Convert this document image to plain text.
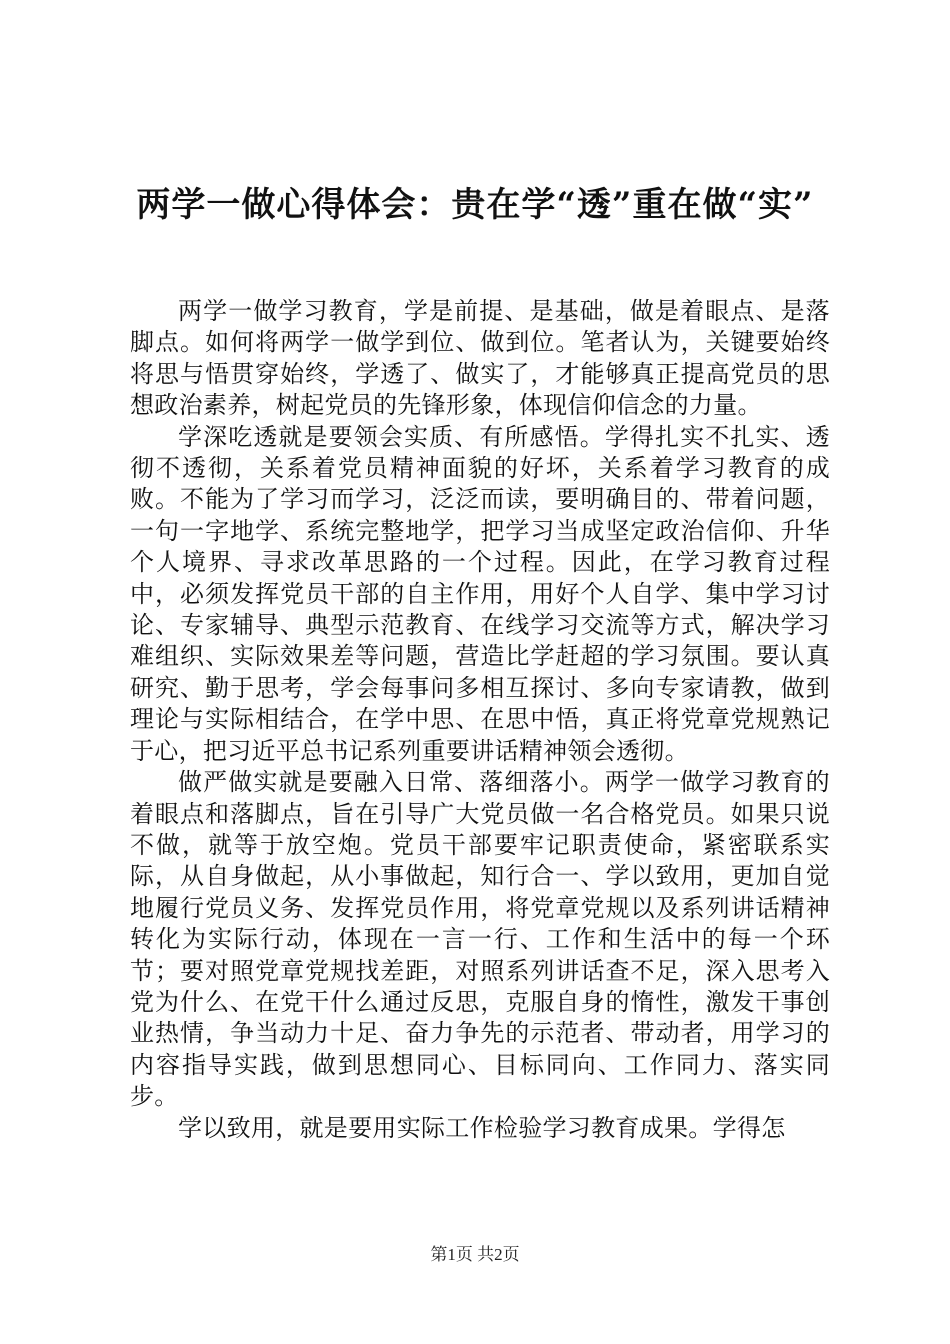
两学一做心得体会：贵在学“透”重在做“实”

两学一做学习教育，学是前提、是基础，做是着眼点、是落脚点。如何将两学一做学到位、做到位。笔者认为，关键要始终将思与悟贯穿始终，学透了、做实了，才能够真正提高党员的思想政治素养，树起党员的先锋形象，体现信仰信念的力量。

学深吃透就是要领会实质、有所感悟。学得扎实不扎实、透彻不透彻，关系着党员精神面貌的好坏，关系着学习教育的成败。不能为了学习而学习，泛泛而读，要明确目的、带着问题，一句一字地学、系统完整地学，把学习当成坚定政治信仰、升华个人境界、寻求改革思路的一个过程。因此，在学习教育过程中，必须发挥党员干部的自主作用，用好个人自学、集中学习讨论、专家辅导、典型示范教育、在线学习交流等方式，解决学习难组织、实际效果差等问题，营造比学赶超的学习氛围。要认真研究、勤于思考，学会每事问多相互探讨、多向专家请教，做到理论与实际相结合，在学中思、在思中悟，真正将党章党规熟记于心，把习近平总书记系列重要讲话精神领会透彻。

做严做实就是要融入日常、落细落小。两学一做学习教育的着眼点和落脚点，旨在引导广大党员做一名合格党员。如果只说不做，就等于放空炮。党员干部要牢记职责使命，紧密联系实际，从自身做起，从小事做起，知行合一、学以致用，更加自觉地履行党员义务、发挥党员作用，将党章党规以及系列讲话精神转化为实际行动，体现在一言一行、工作和生活中的每一个环节；要对照党章党规找差距，对照系列讲话查不足，深入思考入党为什么、在党干什么通过反思，克服自身的惰性，激发干事创业热情，争当动力十足、奋力争先的示范者、带动者，用学习的内容指导实践，做到思想同心、目标同向、工作同力、落实同步。

学以致用，就是要用实际工作检验学习教育成果。学得怎

第1页 共2页
